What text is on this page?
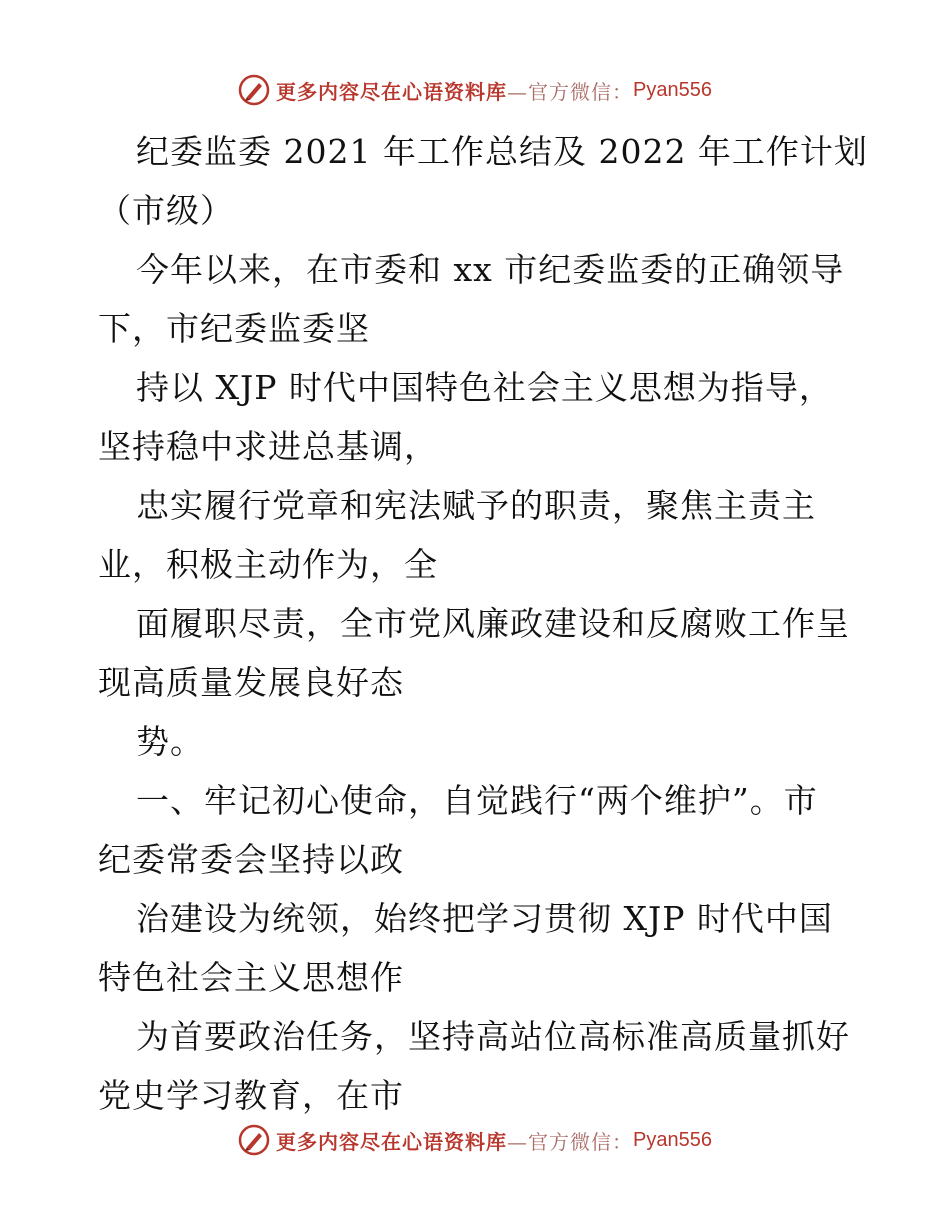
更多内容尽在心语资料库 —官方微信： Pyan556
纪委监委 2021 年工作总结及 2022 年工作计划
（市级）
今年以来，在市委和 xx 市纪委监委的正确领导
下，市纪委监委坚
持以 XJP 时代中国特色社会主义思想为指导，
坚持稳中求进总基调，
忠实履行党章和宪法赋予的职责，聚焦主责主
业，积极主动作为，全
面履职尽责，全市党风廉政建设和反腐败工作呈
现高质量发展良好态
势。
一、牢记初心使命，自觉践行“两个维护”。市
纪委常委会坚持以政
治建设为统领，始终把学习贯彻 XJP 时代中国
特色社会主义思想作
为首要政治任务，坚持高站位高标准高质量抓好
党史学习教育，在市
更多内容尽在心语资料库 —官方微信： Pyan556
